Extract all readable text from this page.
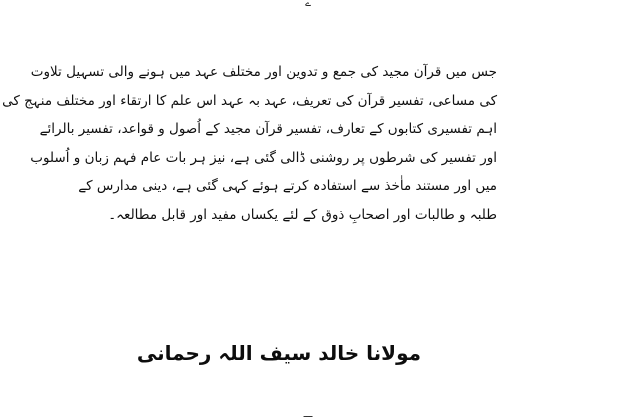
ے
جس میں قرآن مجید کی جمع و تدوین اور مختلف عہد میں ہونے والی تسہیل تلاوت
کی مساعی، تفسیر قرآن کی تعریف، عہد بہ عہد اس علم کا ارتقاء اور مختلف منہج کی
اہم تفسیری کتابوں کے تعارف، تفسیر قرآن مجید کے اُصول و قواعد، تفسیر بالرائے
اور تفسیر کی شرطوں پر روشنی ڈالی گئی ہے، نیز ہر بات عام فہم زبان و اُسلوب
میں اور مستند ماٰخذ سے استفادہ کرتے ہوئے کہی گئی ہے، دینی مدارس کے
طلبہ و طالبات اور اصحابِ ذوق کے لئے یکساں مفید اور قابل مطالعہ۔
مولانا خالد سیف اللہ رحمانی
ـــ
